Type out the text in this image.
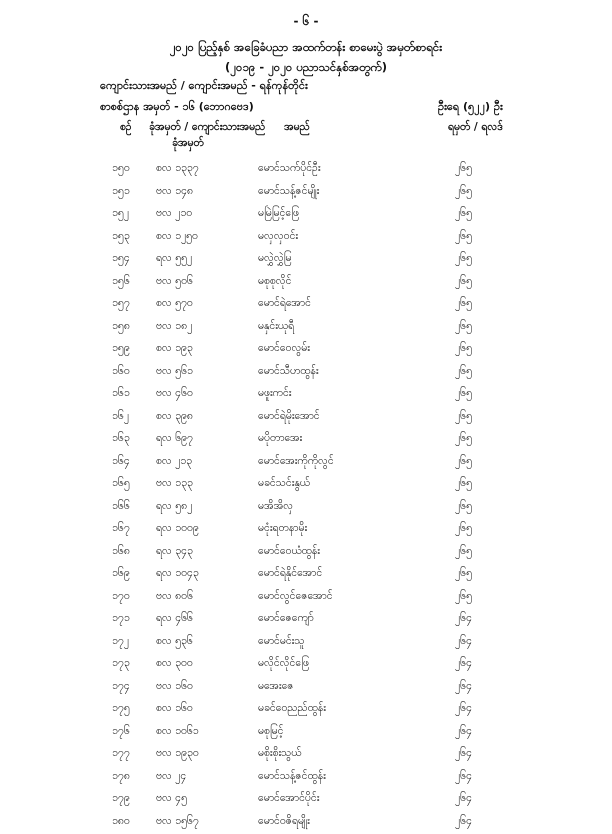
- ၆ -
၂၀၂၀ ပြည့်နှစ် အခြေခံပညာ အထက်တန်း စာမေးပွဲ အမှတ်စာရင်း
(၂၀၁၉ - ၂၀၂၀ ပညာသင်နှစ်အတွက်)
ကျောင်းသားအမည် / ကျောင်းအမည် - ရန်ကုန်တိုင်း
စာစစ်ဌာန အမှတ် - ၁၆ (ဘောဂဗေဒ)	ဦးရေ (၅၂၂) ဦး
စဉ် ခုံအမှတ် / ကျောင်းသားအမည်
ခုံအမှတ်
အမည်	ရမှတ် / ရလဒ်
၁၅၀	စလ ၁၃၃၇	မောင်သက်ပိုင်ဦး	၂၆၅
၁၅၁	ဗလ ၁၄၈	မောင်သန့်ဇင်မျိုး	၂၆၅
၁၅၂	ဗလ ၂၁၀	မမြဲမြင့်ဖြေ	၂၆၅
၁၅၃	စလ ၁၂၅၀	မလှလှဝင်း	၂၆၅
၁၅၄	ရလ ၅၅၂	မလွှဲလွှဲမြ	၂၆၅
၁၅၆	ဗလ ၅၀၆	မစုစုလိုင်	၂၆၅
၁၅၇	စလ ၅၇၀	မောင်ရဲအောင်	၂၆၅
၁၅၈ ဗလ ၁၈၂	မနှင်းယုရီ	၂၆၅
၁၅၉	စလ ၁၉၃	မောင်ဝေလွမ်း	၂၆၅
၁၆၀	ဗလ ၅၆၁	မောင်သီဟထွန်း	၂၆၅
၁၆၁	ဗလ ၄၆၀	မဖူးကင်း	၂၆၅
၁၆၂	စလ ၃၉၈	မောင်ရဲမိုးအောင်	၂၆၅
၁၆၃	ရလ ၆၉၇	မပိုတာအေး	၂၆၅
၁၆၄	စလ ၂၁၃	မောင်အေးကိုကိုလွင်	၂၆၅
၁၆၅	ဗလ ၁၃၃	မခင်သင်းနွယ်	၂၆၅
၁၆၆	ရလ ၅၈၂	မအိအိလှ	၂၆၅
၁၆၇	ရလ ၁၀၀၉	မငုံးရတနာမိုး	၂၆၅
၁၆၈ ရလ ၃၄၃	မောင်ဝေယံထွန်း	၂၆၅
၁၆၉	ရလ ၁၀၄၃	မောင်ရဲနိုင်အောင်	၂၆၅
၁၇၀	ဗလ ၈၀၆	မောင်လွင်ဇေအောင်	၂၆၅
၁၇၁	ရလ ၄၆၆	မောင်ဇေကျော်	၂၆၄
၁၇၂	စလ ၅၃၆	မောင်မင်းသူ	၂၆၄
၁၇၃	စလ ၃၀၀	မလိုင်လိုင်ဖြေ	၂၆၄
၁၇၄	ဗလ ၁၆၀	မအေးဇေ	၂၆၄
၁၇၅	စလ ၁၆၀	မခင်ဝေညည်ထွန်း	၂၆၄
၁၇၆	စလ ၁၀၆၁	မစုမြင့်	၂၆၄
၁၇၇	ဗလ ၁၉၃၀	မစိုးစိုးသွယ်	၂၆၄
၁၇၈ ဗလ ၂၄	မောင်သန့်ဇင်ထွန်း	၂၆၄
၁၇၉	ဗလ ၄၅	မောင်အောင်ပိုင်း	၂၆၄
၁၈၀ ဗလ ၁၅၆၇	မောင်ဝဇိရမျိုး	၂၆၄
